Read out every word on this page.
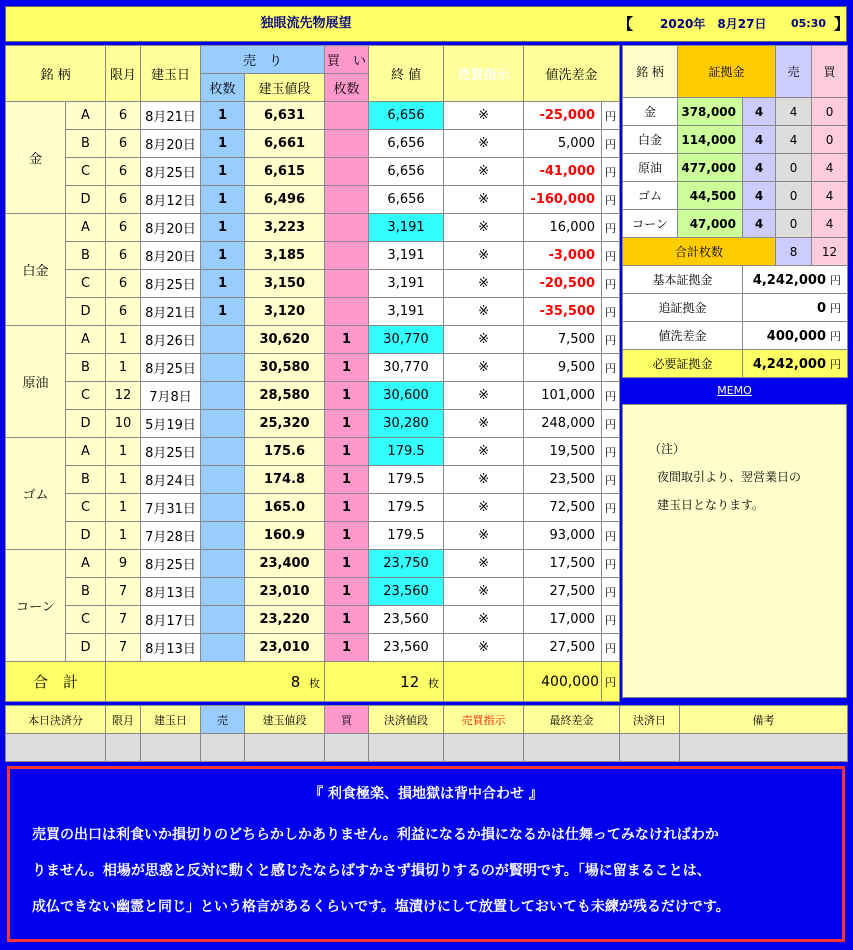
独眼流先物展望	【 2020年　8月27日 05:30 】
銘 柄		限月	建玉日	売　り		買　い	終 値	売買指示	値洗差金	
				枚数	建玉値段	枚数				
金	A	6	8月21日	1	6,631		6,656	※	-25,000	円
	B	6	8月20日	1	6,661		6,656	※	5,000	円
	C	6	8月25日	1	6,615		6,656	※	-41,000	円
	D	6	8月12日	1	6,496		6,656	※	-160,000	円
白金	A	6	8月20日	1	3,223		3,191	※	16,000	円
	B	6	8月20日	1	3,185		3,191	※	-3,000	円
	C	6	8月25日	1	3,150		3,191	※	-20,500	円
	D	6	8月21日	1	3,120		3,191	※	-35,500	円
原油	A	1	8月26日		30,620	1	30,770	※	7,500	円
	B	1	8月25日		30,580	1	30,770	※	9,500	円
	C	12	7月8日		28,580	1	30,600	※	101,000	円
	D	10	5月19日		25,320	1	30,280	※	248,000	円
ゴム	A	1	8月25日		175.6	1	179.5	※	19,500	円
	B	1	8月24日		174.8	1	179.5	※	23,500	円
	C	1	7月31日		165.0	1	179.5	※	72,500	円
	D	1	7月28日		160.9	1	179.5	※	93,000	円
コーン	A	9	8月25日		23,400	1	23,750	※	17,500	円
	B	7	8月13日		23,010	1	23,560	※	27,500	円
	C	7	8月17日		23,220	1	23,560	※	17,000	円
	D	7	8月13日		23,010	1	23,560	※	27,500	円
合　計		8 枚				12 枚			400,000	円
銘 柄	証拠金		売	買
金	378,000	4	4	0
白金	114,000	4	4	0
原油	477,000	4	0	4
ゴム	44,500	4	0	4
コーン	47,000	4	0	4
合計枚数			8	12
基本証拠金		4,242,000 円		
追証拠金		0 円		
値洗差金		400,000 円		
必要証拠金		4,242,000 円		
MEMO
（注）
夜間取引より、翌営業日の
建玉日となります。
本日決済分	限月	建玉日	売	建玉値段	買	決済値段	売買指示	最終差金	決済日	備考

『 利食極楽、損地獄は背中合わせ 』
売買の出口は利食いか損切りのどちらかしかありません。利益になるか損になるかは仕舞ってみなければわか
りません。相場が思惑と反対に動くと感じたならばすかさず損切りするのが賢明です。「場に留まることは、
成仏できない幽霊と同じ」という格言があるくらいです。塩漬けにして放置しておいても未練が残るだけです。
